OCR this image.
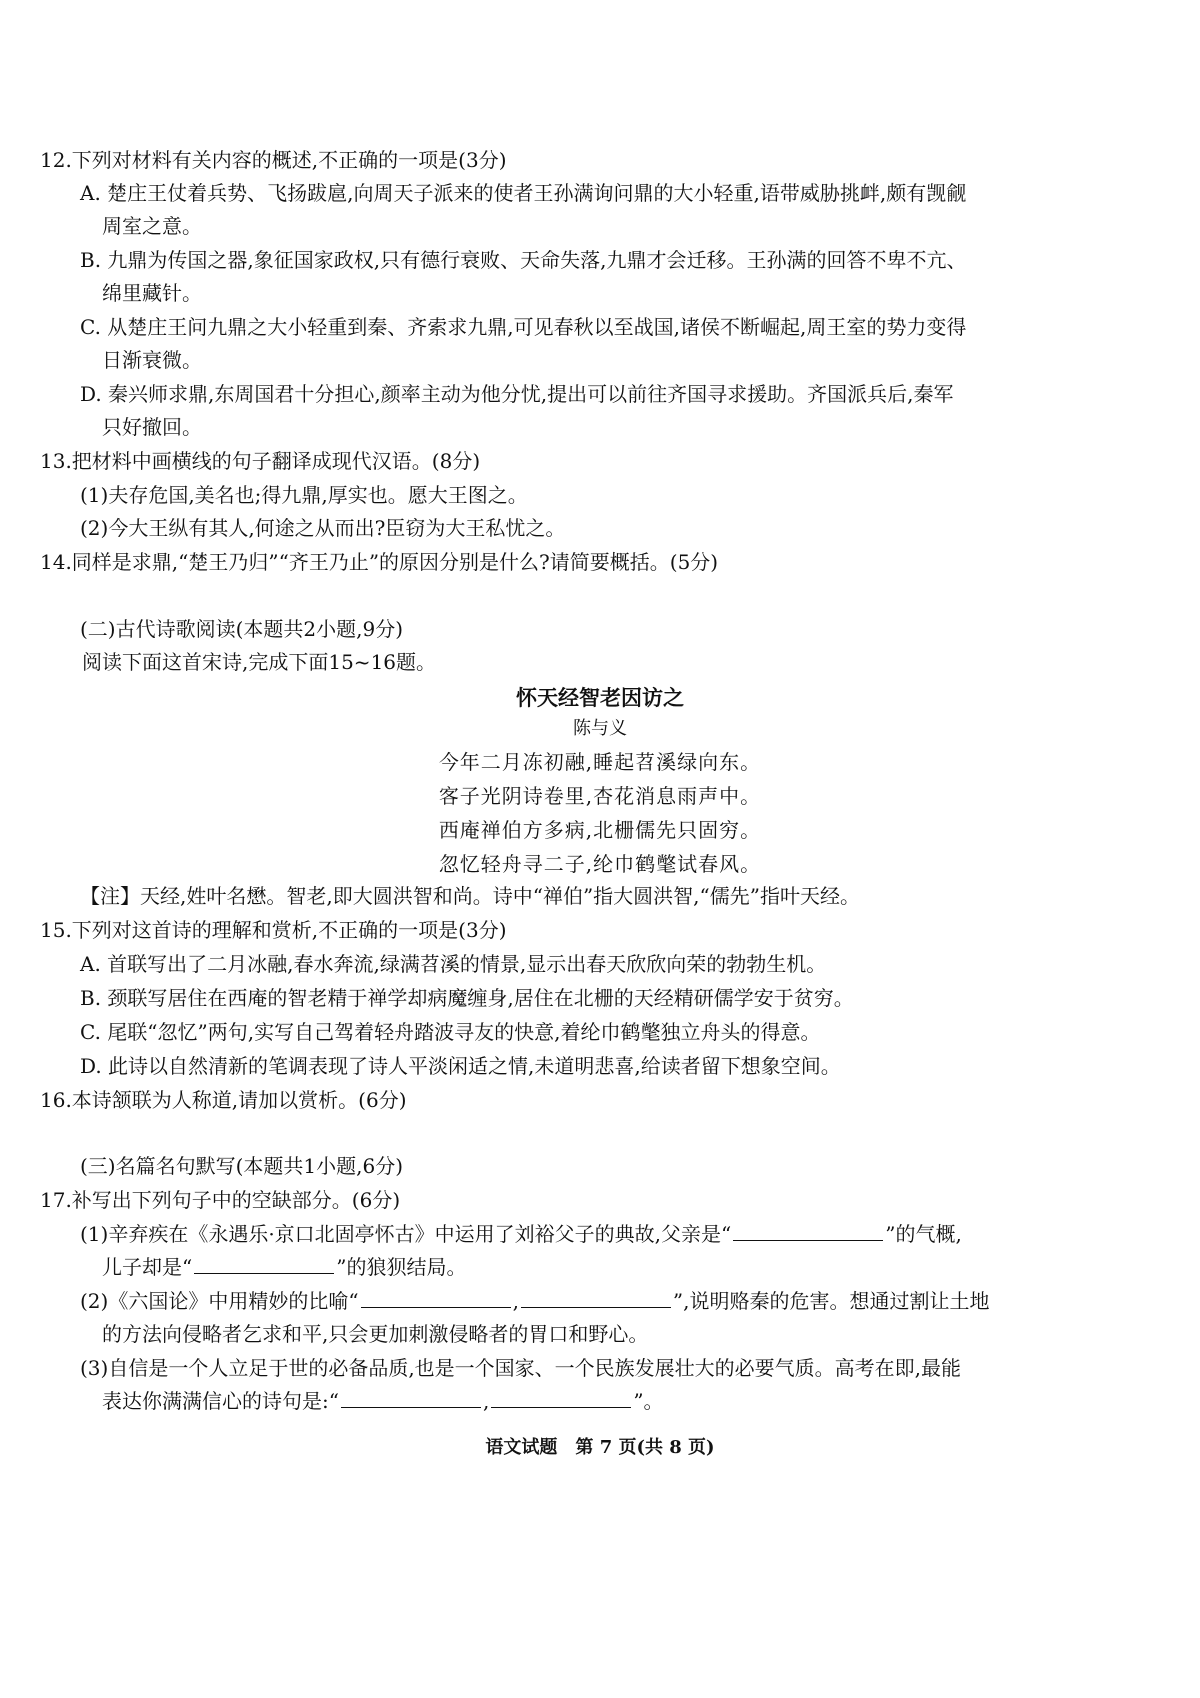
12.下列对材料有关内容的概述,不正确的一项是(3分)
A. 楚庄王仗着兵势、飞扬跋扈,向周天子派来的使者王孙满询问鼎的大小轻重,语带威胁挑衅,颇有觊觎
周室之意。
B. 九鼎为传国之器,象征国家政权,只有德行衰败、天命失落,九鼎才会迁移。王孙满的回答不卑不亢、
绵里藏针。
C. 从楚庄王问九鼎之大小轻重到秦、齐索求九鼎,可见春秋以至战国,诸侯不断崛起,周王室的势力变得
日渐衰微。
D. 秦兴师求鼎,东周国君十分担心,颜率主动为他分忧,提出可以前往齐国寻求援助。齐国派兵后,秦军
只好撤回。
13.把材料中画横线的句子翻译成现代汉语。(8分)
(1)夫存危国,美名也;得九鼎,厚实也。愿大王图之。
(2)今大王纵有其人,何途之从而出?臣窃为大王私忧之。
14.同样是求鼎,“楚王乃归”“齐王乃止”的原因分别是什么?请简要概括。(5分)
(二)古代诗歌阅读(本题共2小题,9分)
阅读下面这首宋诗,完成下面15~16题。
怀天经智老因访之
陈与义
今年二月冻初融,睡起苕溪绿向东。
客子光阴诗卷里,杏花消息雨声中。
西庵禅伯方多病,北栅儒先只固穷。
忽忆轻舟寻二子,纶巾鹤氅试春风。
【注】天经,姓叶名懋。智老,即大圆洪智和尚。诗中“禅伯”指大圆洪智,“儒先”指叶天经。
15.下列对这首诗的理解和赏析,不正确的一项是(3分)
A. 首联写出了二月冰融,春水奔流,绿满苕溪的情景,显示出春天欣欣向荣的勃勃生机。
B. 颈联写居住在西庵的智老精于禅学却病魔缠身,居住在北栅的天经精研儒学安于贫穷。
C. 尾联“忽忆”两句,实写自己驾着轻舟踏波寻友的快意,着纶巾鹤氅独立舟头的得意。
D. 此诗以自然清新的笔调表现了诗人平淡闲适之情,未道明悲喜,给读者留下想象空间。
16.本诗颔联为人称道,请加以赏析。(6分)
(三)名篇名句默写(本题共1小题,6分)
17.补写出下列句子中的空缺部分。(6分)
(1)辛弃疾在《永遇乐·京口北固亭怀古》中运用了刘裕父子的典故,父亲是“	”的气概,
儿子却是“	”的狼狈结局。
(2)《六国论》中用精妙的比喻“	,	”,说明赂秦的危害。想通过割让土地
的方法向侵略者乞求和平,只会更加刺激侵略者的胃口和野心。
(3)自信是一个人立足于世的必备品质,也是一个国家、一个民族发展壮大的必要气质。高考在即,最能
表达你满满信心的诗句是:“	,	”。
语文试题　第 7 页(共 8 页)
